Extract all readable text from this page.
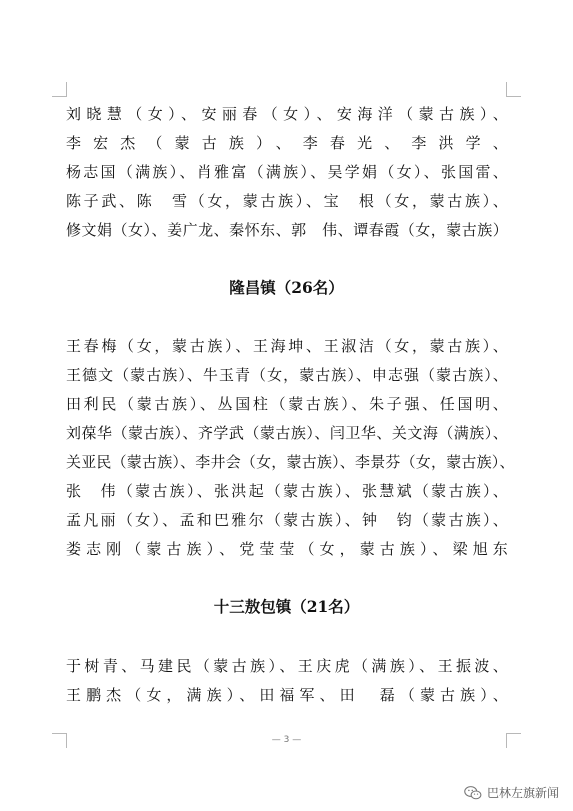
刘晓慧（女）、安丽春（女）、安海洋（蒙古族）、
李宏杰（蒙古族）、李春光、李洪学、
杨志国（满族）、肖雅富（满族）、吴学娟（女）、张国雷、
陈子武、陈　雪（女，蒙古族）、宝　根（女，蒙古族）、
修文娟（女）、姜广龙、秦怀东、郭　伟、谭春霞（女，蒙古族）
隆昌镇（26名）
王春梅（女，蒙古族）、王海坤、王淑洁（女，蒙古族）、
王德文（蒙古族）、牛玉青（女，蒙古族）、申志强（蒙古族）、
田利民（蒙古族）、丛国柱（蒙古族）、朱子强、任国明、
刘葆华（蒙古族）、齐学武（蒙古族）、闫卫华、关文海（满族）、
关亚民（蒙古族）、李井会（女，蒙古族）、李景芬（女，蒙古族）、
张　伟（蒙古族）、张洪起（蒙古族）、张慧斌（蒙古族）、
孟凡丽（女）、孟和巴雅尔（蒙古族）、钟　钧（蒙古族）、
娄志刚（蒙古族）、党莹莹（女，蒙古族）、梁旭东
十三敖包镇（21名）
于树青、马建民（蒙古族）、王庆虎（满族）、王振波、
王鹏杰（女，满族）、田福军、田　磊（蒙古族）、
— 3 —
巴林左旗新闻
